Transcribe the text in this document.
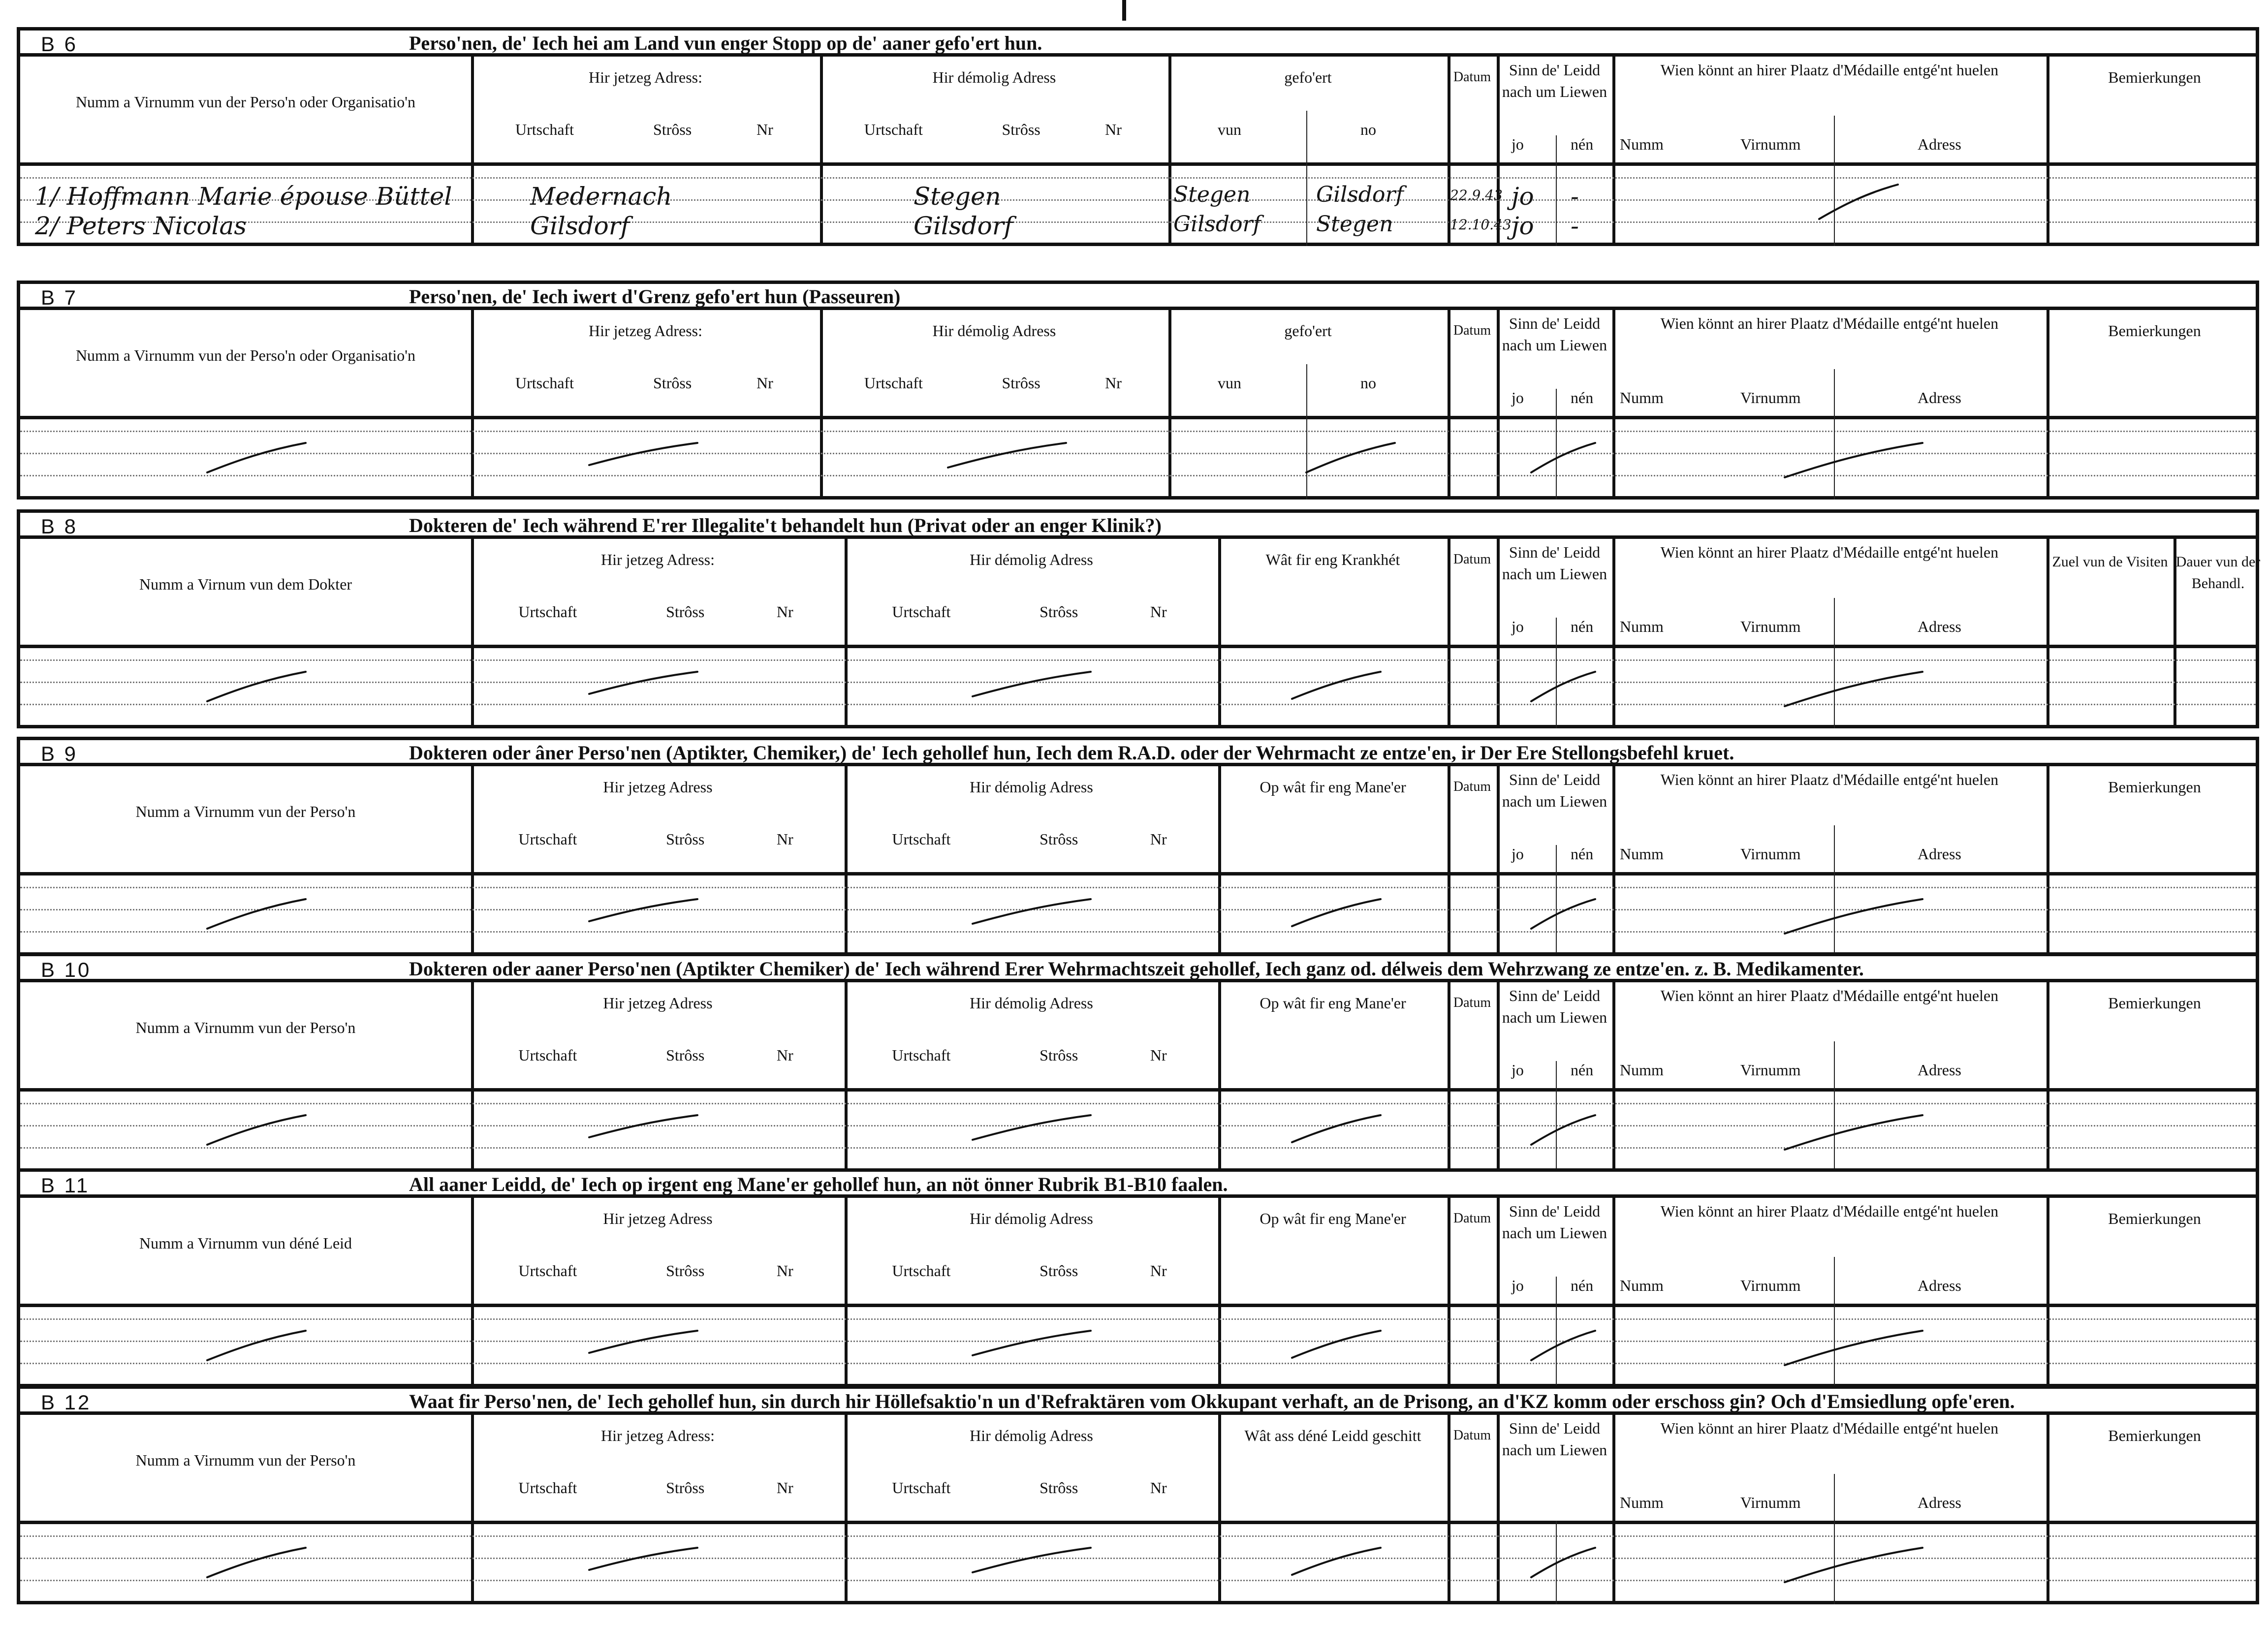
B 6	Perso'nen, de' Iech hei am Land vun enger Stopp op de' aaner gefo'ert hun.
Numm a Virnumm vun der Perso'n oder Organisatio'n
Hir jetzeg Adress:	Hir démolig Adress
Urtschaft	Strôss	Nr	Urtschaft	Strôss	Nr
gefo'ert
vun	no
Datum	Sinn de' Leidd nach um Liewen
jo	nén
Wien könnt an hirer Plaatz d'Médaille entgé'nt huelen
Numm	Virnumm	Adress
Bemierkungen
1/ Hoffmann Marie épouse Büttel	Medernach	Stegen	Stegen	Gilsdorf	22.9.43 jo -
2/ Peters Nicolas	Gilsdorf	Gilsdorf	Gilsdorf	Stegen	12.10.43 jo -
B 7	Perso'nen, de' Iech iwert d'Grenz gefo'ert hun (Passeuren)
Numm a Virnumm vun der Perso'n oder Organisatio'n
Hir jetzeg Adress:	Hir démolig Adress
Urtschaft	Strôss	Nr	Urtschaft	Strôss	Nr
gefo'ert
vun	no
Datum	Sinn de' Leidd nach um Liewen
jo	nén
Wien könnt an hirer Plaatz d'Médaille entgé'nt huelen
Numm	Virnumm	Adress
Bemierkungen
B 8	Dokteren de' Iech während E'rer Illegalite't behandelt hun (Privat oder an enger Klinik?)
Numm a Virnum vun dem Dokter
Hir jetzeg Adress:	Hir démolig Adress
Urtschaft	Strôss	Nr	Urtschaft	Strôss	Nr
Wât fir eng Krankhét	Datum	Sinn de' Leidd nach um Liewen
jo	nén
Wien könnt an hirer Plaatz d'Médaille entgé'nt huelen
Numm	Virnumm	Adress
Zuel vun de Visiten Dauer vun der Behandl.
B 9	Dokteren oder âner Perso'nen (Aptikter, Chemiker,) de' Iech gehollef hun, Iech dem R.A.D. oder der Wehrmacht ze entze'en, ir Der Ere Stellongsbefehl kruet.
Numm a Virnumm vun der Perso'n
Hir jetzeg Adress	Hir démolig Adress
Urtschaft	Strôss	Nr	Urtschaft	Strôss	Nr
Op wât fir eng Mane'er	Datum	Sinn de' Leidd nach um Liewen
jo	nén
Wien könnt an hirer Plaatz d'Médaille entgé'nt huelen
Numm	Virnumm	Adress
Bemierkungen
B 10	Dokteren oder aaner Perso'nen (Aptikter Chemiker) de' Iech während Erer Wehrmachtszeit gehollef, Iech ganz od. délweis dem Wehrzwang ze entze'en. z. B. Medikamenter.
Numm a Virnumm vun der Perso'n
Hir jetzeg Adress	Hir démolig Adress
Urtschaft	Strôss	Nr	Urtschaft	Strôss	Nr
Op wât fir eng Mane'er	Datum	Sinn de' Leidd nach um Liewen
jo	nén
Wien könnt an hirer Plaatz d'Médaille entgé'nt huelen
Numm	Virnumm	Adress
Bemierkungen
B 11	All aaner Leidd, de' Iech op irgent eng Mane'er gehollef hun, an nöt önner Rubrik B1-B10 faalen.
Numm a Virnumm vun déné Leid
Hir jetzeg Adress	Hir démolig Adress
Urtschaft	Strôss	Nr	Urtschaft	Strôss	Nr
Op wât fir eng Mane'er	Datum	Sinn de' Leidd nach um Liewen
jo	nén
Wien könnt an hirer Plaatz d'Médaille entgé'nt huelen
Numm	Virnumm	Adress
Bemierkungen
B 12	Waat fir Perso'nen, de' Iech gehollef hun, sin durch hir Höllefsaktio'n un d'Refraktären vom Okkupant verhaft, an de Prisong, an d'KZ komm oder erschoss gin? Och d'Emsiedlung opfe'eren.
Numm a Virnumm vun der Perso'n
Hir jetzeg Adress:	Hir démolig Adress
Urtschaft	Strôss	Nr	Urtschaft	Strôss	Nr
Wât ass déné Leidd geschitt	Datum	Sinn de' Leidd nach um Liewen
Wien könnt an hirer Plaatz d'Médaille entgé'nt huelen
Numm	Virnumm	Adress
Bemierkungen
